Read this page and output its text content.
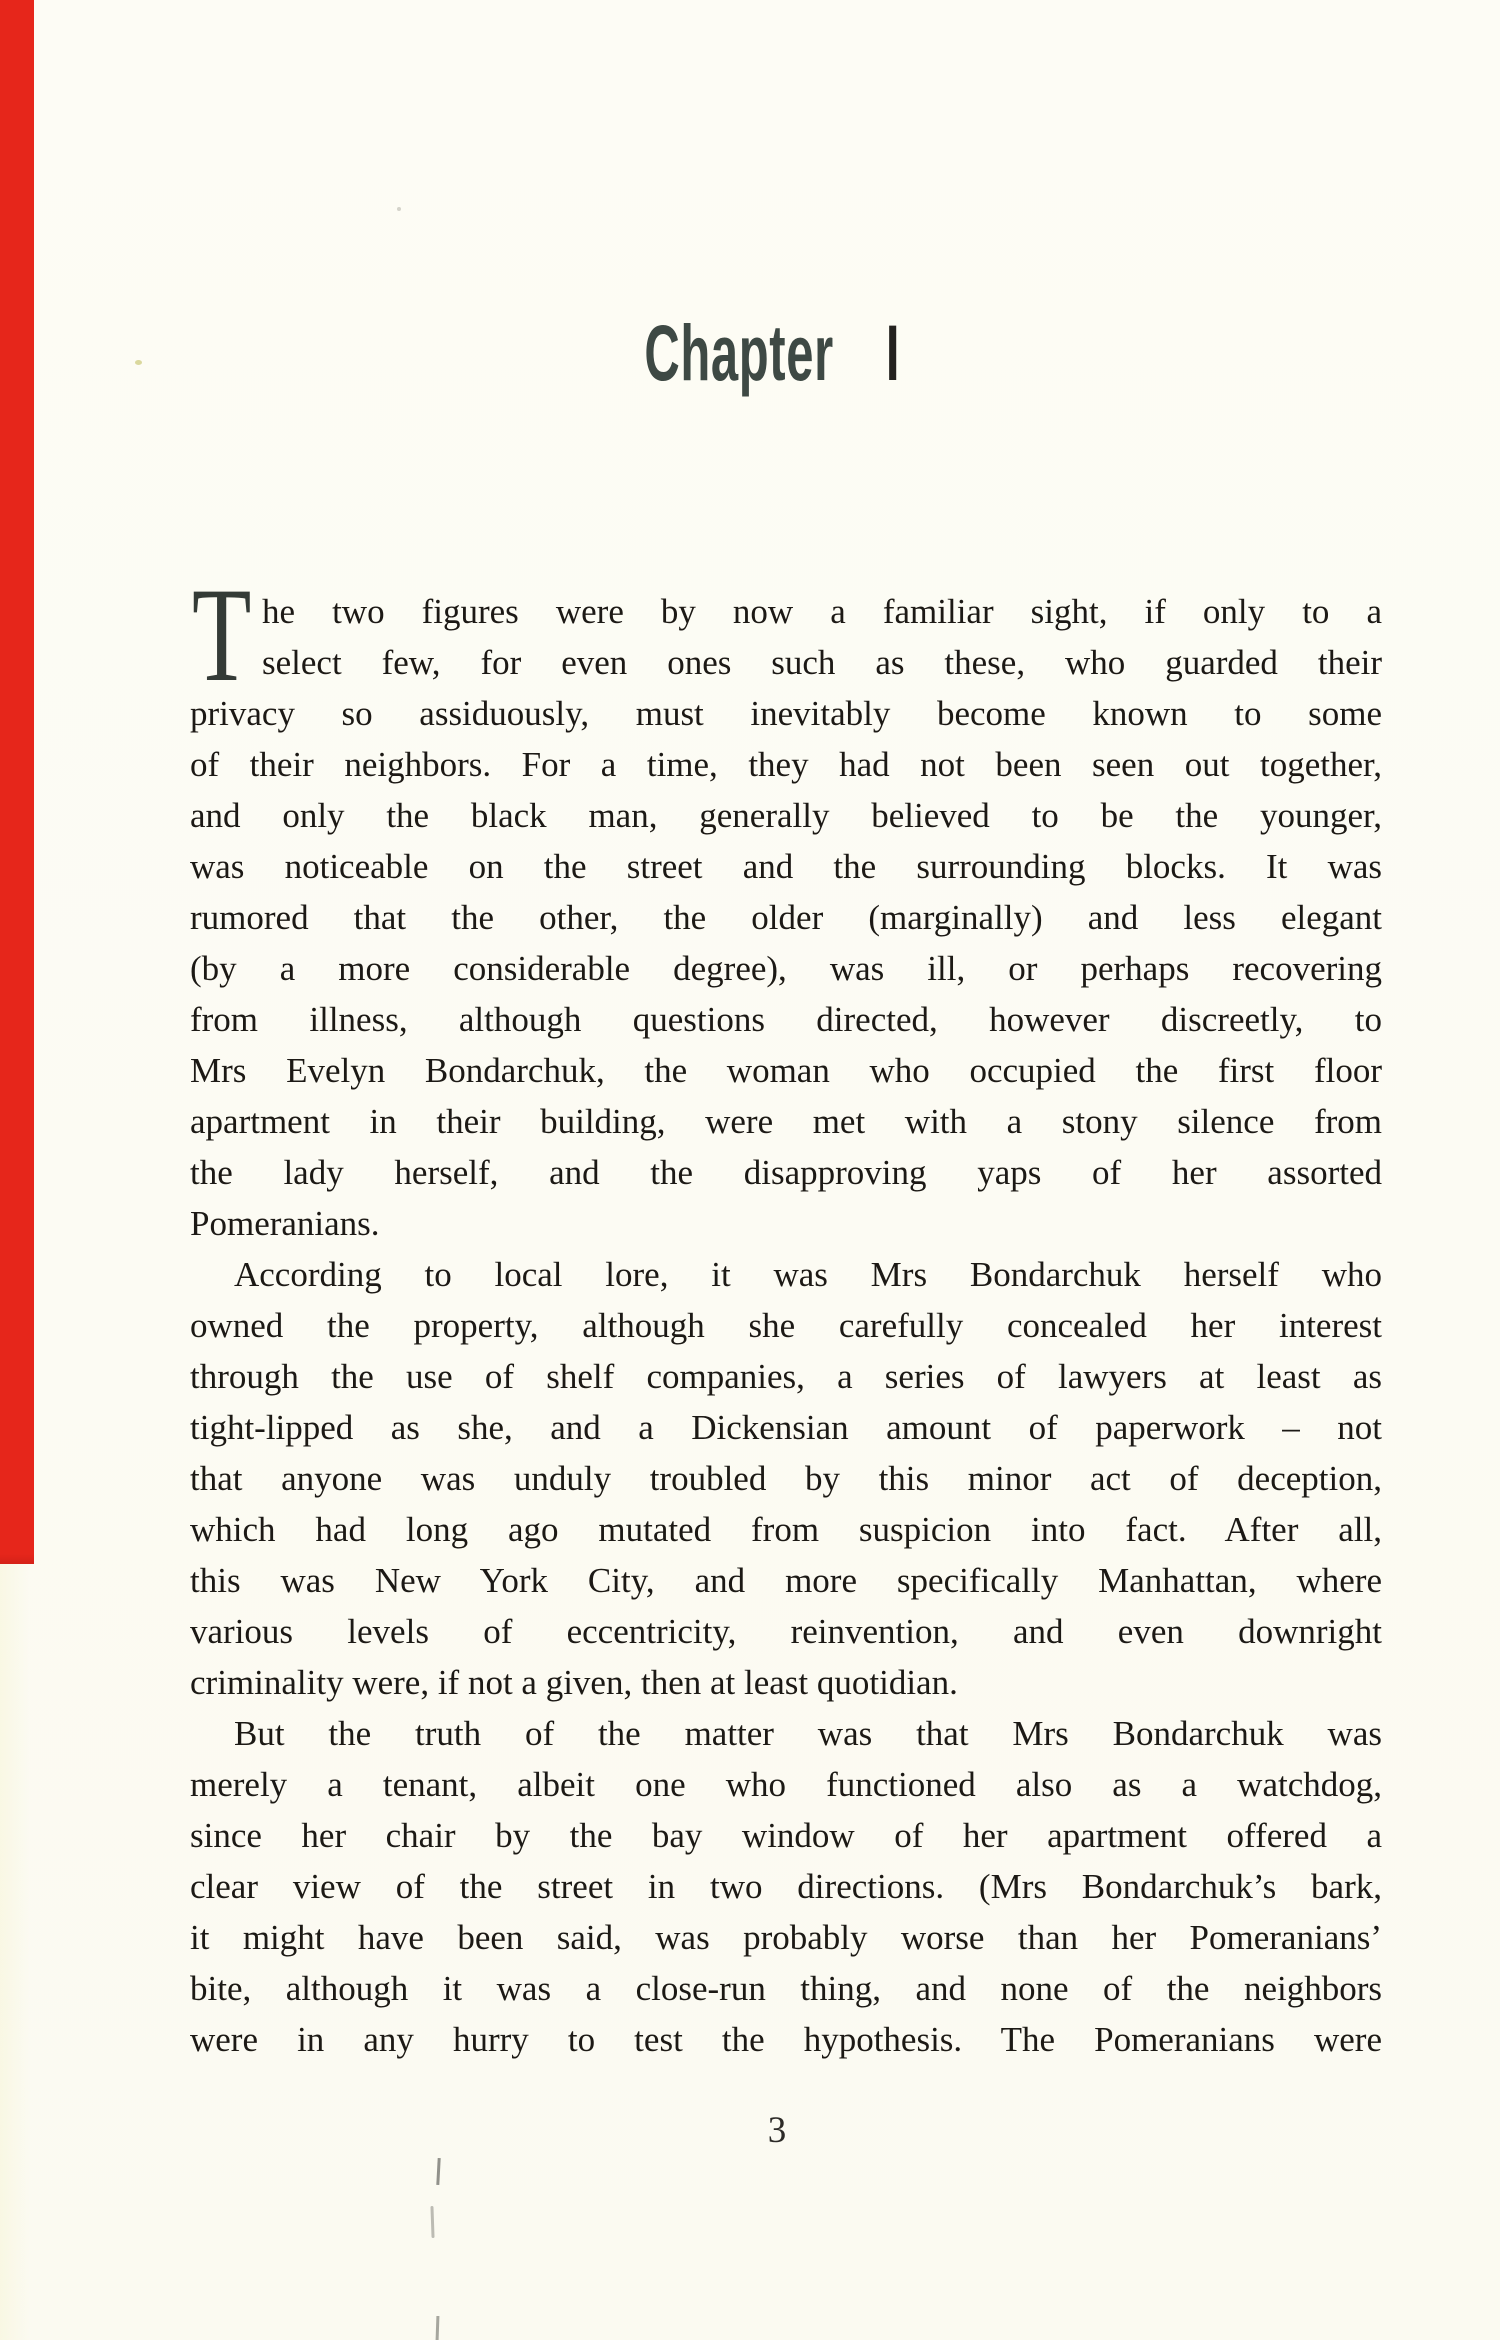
Chapter I
T he two figures were by now a familiar sight, if only to a
select few, for even ones such as these, who guarded their
privacy so assiduously, must inevitably become known to some
of their neighbors. For a time, they had not been seen out together,
and only the black man, generally believed to be the younger,
was noticeable on the street and the surrounding blocks. It was
rumored that the other, the older (marginally) and less elegant
(by a more considerable degree), was ill, or perhaps recovering
from illness, although questions directed, however discreetly, to
Mrs Evelyn Bondarchuk, the woman who occupied the first floor
apartment in their building, were met with a stony silence from
the lady herself, and the disapproving yaps of her assorted
Pomeranians.
According to local lore, it was Mrs Bondarchuk herself who
owned the property, although she carefully concealed her interest
through the use of shelf companies, a series of lawyers at least as
tight-lipped as she, and a Dickensian amount of paperwork – not
that anyone was unduly troubled by this minor act of deception,
which had long ago mutated from suspicion into fact. After all,
this was New York City, and more specifically Manhattan, where
various levels of eccentricity, reinvention, and even downright
criminality were, if not a given, then at least quotidian.
But the truth of the matter was that Mrs Bondarchuk was
merely a tenant, albeit one who functioned also as a watchdog,
since her chair by the bay window of her apartment offered a
clear view of the street in two directions. (Mrs Bondarchuk’s bark,
it might have been said, was probably worse than her Pomeranians’
bite, although it was a close-run thing, and none of the neighbors
were in any hurry to test the hypothesis. The Pomeranians were
3
